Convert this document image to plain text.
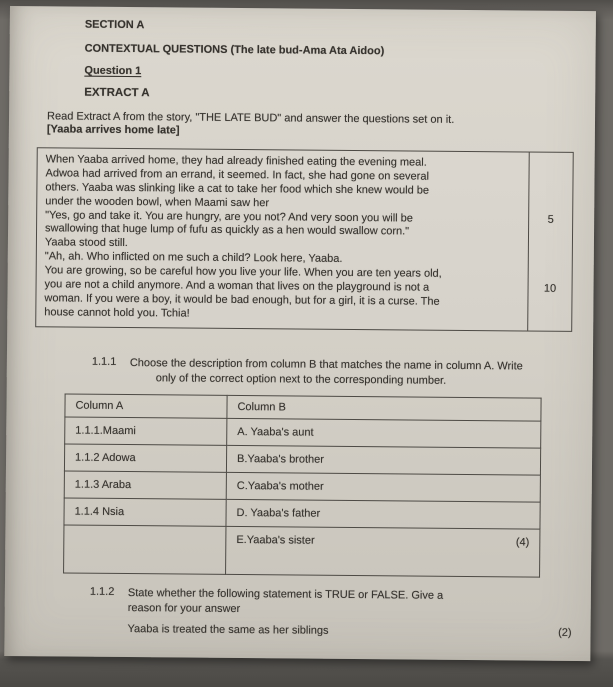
SECTION A
CONTEXTUAL QUESTIONS (The late bud-Ama Ata Aidoo)
Question 1
EXTRACT A
Read Extract A from the story, "THE LATE BUD" and answer the questions set on it.
[Yaaba arrives home late]
When Yaaba arrived home, they had already finished eating the evening meal.
Adwoa had arrived from an errand, it seemed. In fact, she had gone on several
others. Yaaba was slinking like a cat to take her food which she knew would be
under the wooden bowl, when Maami saw her
"Yes, go and take it. You are hungry, are you not? And very soon you will be
swallowing that huge lump of fufu as quickly as a hen would swallow corn."
Yaaba stood still.
"Ah, ah. Who inflicted on me such a child? Look here, Yaaba.
You are growing, so be careful how you live your life. When you are ten years old,
you are not a child anymore. And a woman that lives on the playground is not a
woman. If you were a boy, it would be bad enough, but for a girl, it is a curse. The
house cannot hold you. Tchia!
5
10
1.1.1	Choose the description from column B that matches the name in column A. Write
only of the correct option next to the corresponding number.
Column A	Column B
1.1.1.Maami	A. Yaaba's aunt
1.1.2 Adowa	B.Yaaba's brother
1.1.3 Araba	C.Yaaba's mother
1.1.4 Nsia	D. Yaaba's father

	E.Yaaba's sister (4)
1.1.2	State whether the following statement is TRUE or FALSE. Give a
reason for your answer
Yaaba is treated the same as her siblings	(2)
